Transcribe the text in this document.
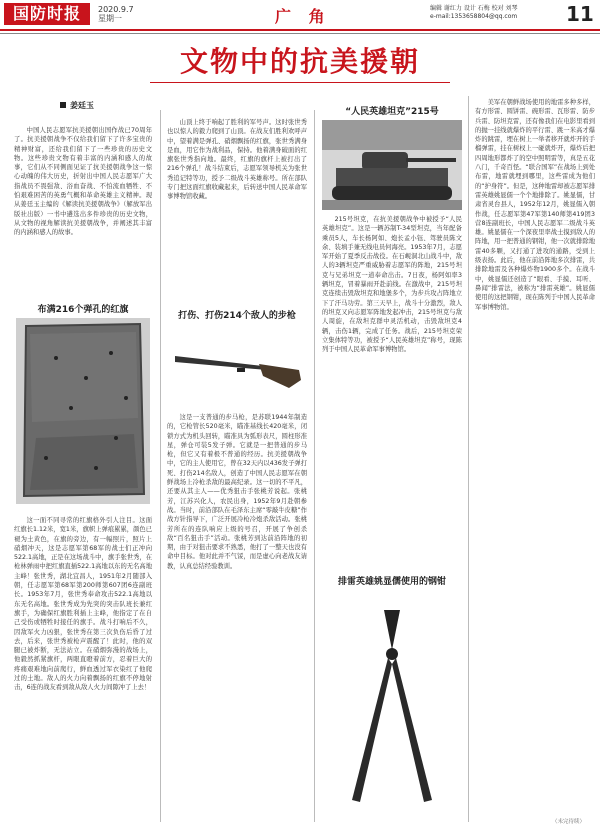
国防时报	2020.9.7
星期一	广 角	编辑 谢红力 设计 石梅 校对 刘琴
e-mail:1353658804@qq.com	11
文物中的抗美援朝
姜廷玉

中国人民志愿军抗美援朝出国作战已70周年了。抗美援朝战争不仅给我们留下了许多宝贵的精神财富，还给我们留下了一些珍贵的历史文物。这些珍贵文物有着丰富的内涵和感人的故事，它们从不同侧面见证了抗美援朝战争这一惊心动魄的伟大历史，折射出中国人民志愿军广大指战员不畏强敌、浴血奋战、不怕流血牺牲、不怕艰难困苦的英勇气概和革命英雄主义精神。现从姜廷玉主编的《解读抗美援朝战争》（解放军出版社出版）一书中遴选出多件珍贵的历史文物，从文物的视角解读抗美援朝战争，并阐述其丰富的内涵和感人的故事。

布满216个弹孔的红旗

这一面不同寻常的红旗格外引人注目。这面红旗长1.12米，宽1米，旗帜上弹痕累累，颜色已褪为土黄色，在旗的旁边，有一幅照片，照片上硝烟冲天，这是志愿军第68军的战士们正冲向522.1高地，正是在这场战斗中，旗手张世秀，在枪林弹雨中把红旗直插522.1高地以东的无名高地主峰！张世秀，湖北宜昌人，1951年2月随部入朝，任志愿军第68军第200师第607团6连副班长。1953年7月，张世秀奉命攻击522.1高地以东无名高地。张世秀成为先突的突击队班长兼红旗手，为确保红旗胜利插上主峰，他指定了在自己受伤或牺牲时接任的旗手。战斗打响后不久，因敌军火力凶狠，张世秀在第三次负伤后昏了过去，后来，张世秀被枪声震醒了！此时，他的双腿已被炸断，无法站立。在硝烟弥漫的战场上，他毅然抓紧旗杆，两眼直瞪着前方，忍着巨大的疼痛艰难地向前爬行，鲜血透过军衣染红了他爬过的土地。敌人的火力向着飘扬的红旗不停地射击，6连的战友看到敌从敌人火力间隙冲了上去！

山顶上终于响起了胜利的军号声。这时张世秀也以惊人的毅力爬到了山顶。在战友们胜利欢呼声中，望着满是弹孔、硝烟飘扬的红旗，张世秀满身是血，用它作为战利品，保持。他着满身破面的红旗张世秀指向地。最终，红旗的旗杆上被打出了216个弹孔！战斗结束后，志愿军领导机关为张世秀追记特等功，授予二级战斗英雄称号。所在部队专门把这面红旗收藏起来，后转送中国人民革命军事博物馆收藏。

打伤、打伤214个敌人的步枪

这是一支普通的步马枪，是苏联1944年制造的，它枪管长520毫米，瞄准基线长420毫米，闭锁方式为机头回转，瞄准具为弧形表尺，圆柱形准星，弹仓可装5发子弹。它就是一把普通的步马枪，但它又有着极不普通的经历。抗美援朝战争中，它的主人使用它，曾在32天内以436发子弹打死、打伤214名敌人，创造了中国人民志愿军在朝鲜战场上冷枪杀敌的最高纪录。这一切的不平凡，还要从其主人——优秀狙击手张桃芳说起。张桃芳，江苏兴化人，农民出身，1952年9月赴朝参战。当时，前沿部队在毛泽东主席“零敲牛皮糖”作战方针指导下，广泛开展冷枪冷炮杀敌活动。张桃芳所在的连队响应上级的号召，开展了争创杀敌“百名狙击手”活动。张桃芳到达前沿阵地的初期，由于对狙击要求不熟悉，他打了一整天也没有命中目标。他对此并不气馁，而是虚心向老战友请教，认真总结经验教训。

“人民英雄坦克”215号

215号坦克，在抗美援朝战争中被授予“人民英雄坦克”。这是一辆苏制T-34型坦克，当年配备乘员5人，车长杨阿如、炮长孟小钰、驾驶员陈文余、装填手兼无线电员何海亮。1953年7月，志愿军开始了夏季反击战役。在石岘洞北山战斗中，敌人的3辆坦克严重威胁着志愿军的阵地，215号坦克与兄弟坦克一道奉命出击。7日夜，杨阿如率3辆坦克，冒着暴雨开赴前线。在激战中，215号坦克连续击毁敌坦克和地堡多个，为步兵攻占阵地立下了汗马功劳。第三天早上，战斗十分激烈，敌人的坦克又向志愿军阵地发起冲击，215号坦克与敌人周旋，在敌坦克群中灵活机动，击毁敌坦克4辆，击伤1辆，完成了任务。战后，215号坦克荣立集体特等功，被授予“人民英雄坦克”称号，现陈列于中国人民革命军事博物馆。

排雷英雄姚显儒使用的钢钳

美军在朝鲜战场使用的地雷多种多样，有方形雷、圆饼雷、碗形雷、瓦形雷、防步兵雷、防坦克雷，还有像我们在电影里看到的抛一挂线就爆炸的平行雷、跳一米高才爆炸的跳雷，埋在树上一举者移开就炸开的手榴弹雷，挂在树杈上一碰就炸开，爆炸后把四周地形都炸了的空中照明雷等，真是五花八门，千奇百怪。“联合国军”在战场上到处布雷，地雷就埋到哪里，这些雷成为他们的“护身符”。但是，这种地雷却被志愿军排雷英雄姚显儒一个个地排除了。姚显儒，甘肃省灵台县人，1952年12月，姚显儒入朝作战，任志愿军第47军第140师第419团3营8连副班长，中国人民志愿军二级战斗英雄。姚显儒在一个深夜里率战士摸到敌人的阵地，用一把普通的钢钳，他一次就排除地雷40多颗，又打通了进攻的通路，受到上级表扬。此后，他在前沿阵地多次排雷，共排除地雷及各种爆炸物1900多个。在战斗中，姚显儒还创造了“眼看、手摸、耳听、鼻闻”排雷法，被称为“排雷英雄”。姚显儒使用的这把钢钳，现在陈列于中国人民革命军事博物馆。

（未完待续）
